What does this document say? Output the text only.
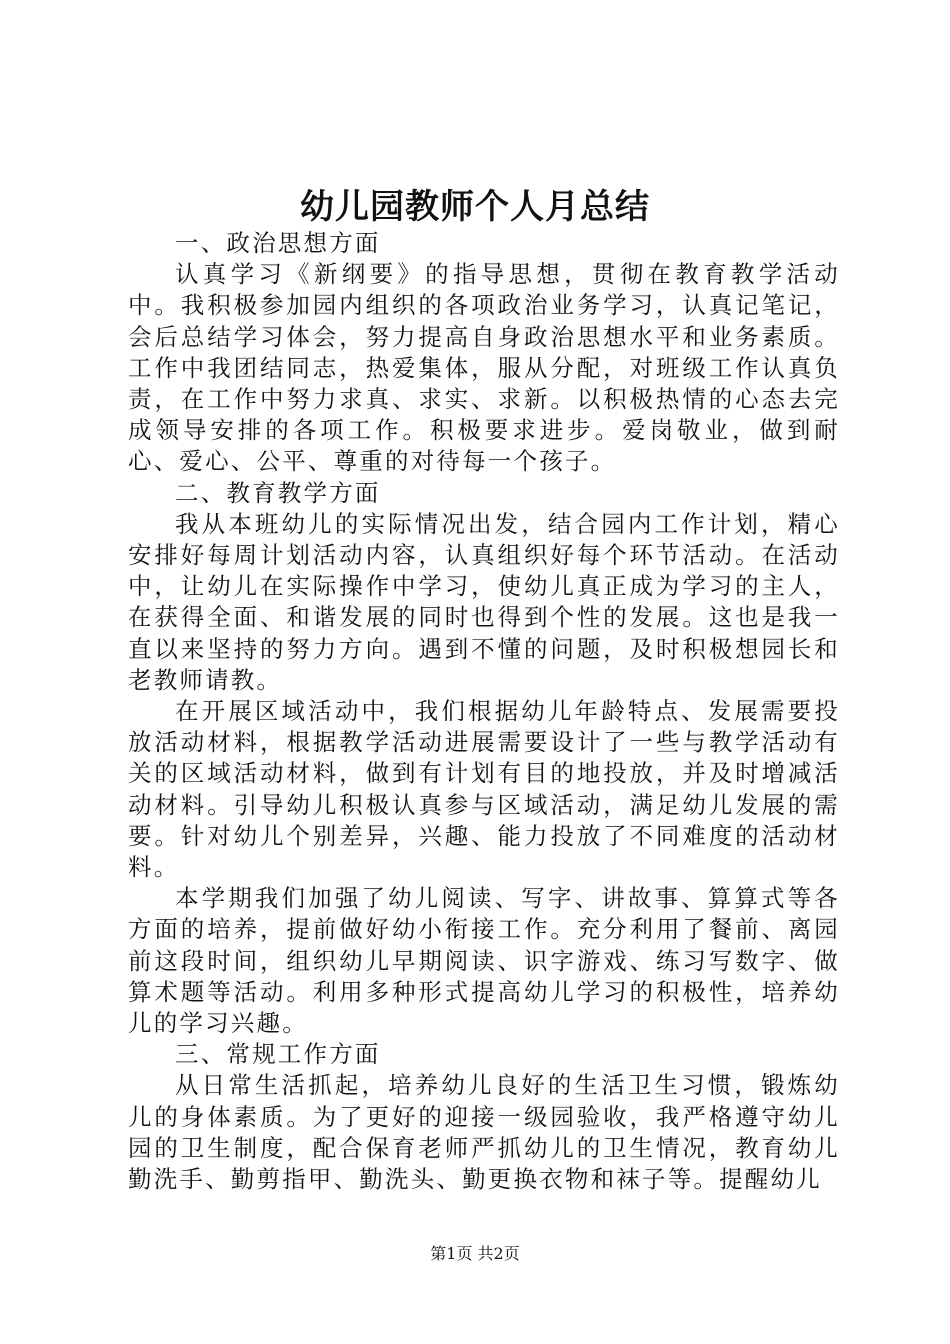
幼儿园教师个人月总结

一、政治思想方面

认真学习《新纲要》的指导思想，贯彻在教育教学活动中。我积极参加园内组织的各项政治业务学习，认真记笔记，会后总结学习体会，努力提高自身政治思想水平和业务素质。工作中我团结同志，热爱集体，服从分配，对班级工作认真负责，在工作中努力求真、求实、求新。以积极热情的心态去完成领导安排的各项工作。积极要求进步。爱岗敬业，做到耐心、爱心、公平、尊重的对待每一个孩子。

二、教育教学方面

我从本班幼儿的实际情况出发，结合园内工作计划，精心安排好每周计划活动内容，认真组织好每个环节活动。在活动中，让幼儿在实际操作中学习，使幼儿真正成为学习的主人，在获得全面、和谐发展的同时也得到个性的发展。这也是我一直以来坚持的努力方向。遇到不懂的问题，及时积极想园长和老教师请教。

在开展区域活动中，我们根据幼儿年龄特点、发展需要投放活动材料，根据教学活动进展需要设计了一些与教学活动有关的区域活动材料，做到有计划有目的地投放，并及时增减活动材料。引导幼儿积极认真参与区域活动，满足幼儿发展的需要。针对幼儿个别差异，兴趣、能力投放了不同难度的活动材料。

本学期我们加强了幼儿阅读、写字、讲故事、算算式等各方面的培养，提前做好幼小衔接工作。充分利用了餐前、离园前这段时间，组织幼儿早期阅读、识字游戏、练习写数字、做算术题等活动。利用多种形式提高幼儿学习的积极性，培养幼儿的学习兴趣。

三、常规工作方面

从日常生活抓起，培养幼儿良好的生活卫生习惯，锻炼幼儿的身体素质。为了更好的迎接一级园验收，我严格遵守幼儿园的卫生制度，配合保育老师严抓幼儿的卫生情况，教育幼儿勤洗手、勤剪指甲、勤洗头、勤更换衣物和袜子等。提醒幼儿

第1页 共2页
